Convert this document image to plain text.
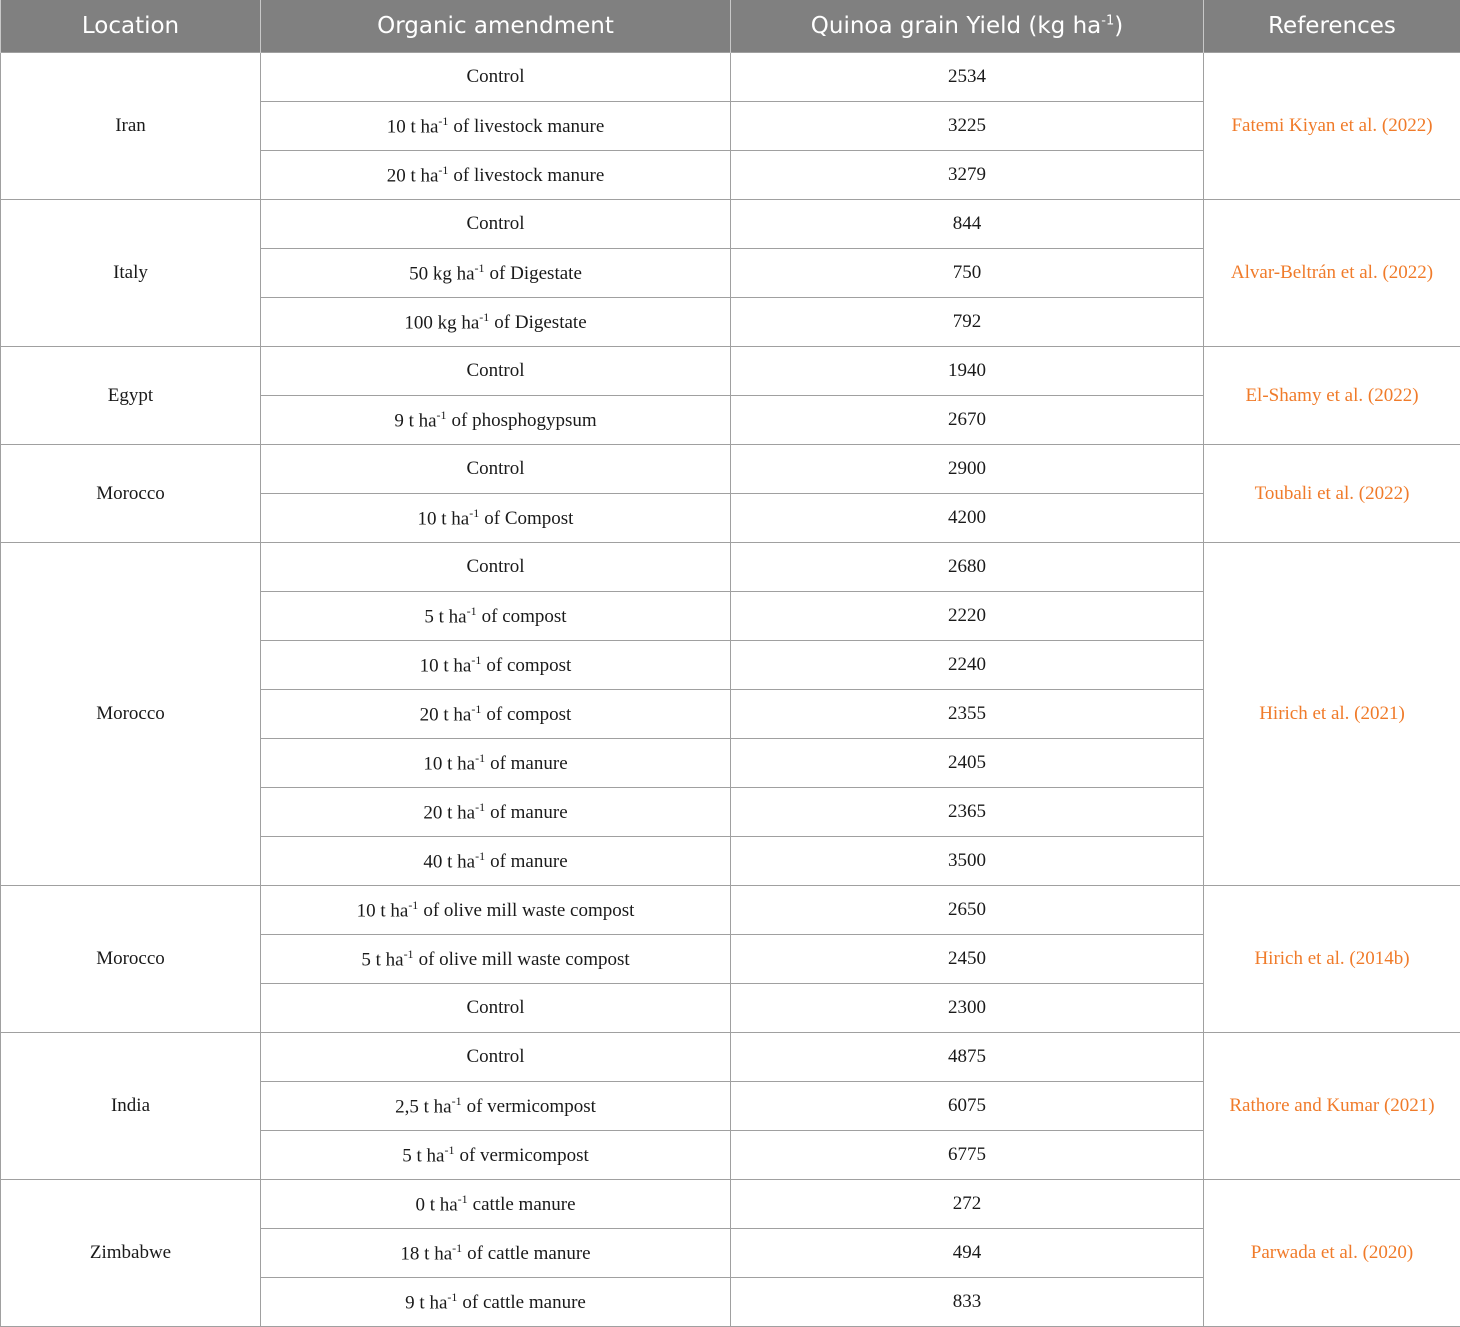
Location	Organic amendment	Quinoa grain Yield (kg $ha^{-1}$)	References
Iran	Control	2534	Fatemi Kiyan et al. (2022)
	10 t $ha^{-1}$ of livestock manure	3225	
	20 t $ha^{-1}$ of livestock manure	3279	
Italy	Control	844	Alvar-Beltrán et al. (2022)
	50 kg $ha^{-1}$ of Digestate	750	
	100 kg $ha^{-1}$ of Digestate	792	
Egypt	Control	1940	El-Shamy et al. (2022)
	9 t $ha^{-1}$ of phosphogypsum	2670	
Morocco	Control	2900	Toubali et al. (2022)
	10 t $ha^{-1}$ of Compost	4200	
Morocco	Control	2680	Hirich et al. (2021)
	5 t $ha^{-1}$ of compost	2220	
	10 t $ha^{-1}$ of compost	2240	
	20 t $ha^{-1}$ of compost	2355	
	10 t $ha^{-1}$ of manure	2405	
	20 t $ha^{-1}$ of manure	2365	
	40 t $ha^{-1}$ of manure	3500	
Morocco	10 t $ha^{-1}$ of olive mill waste compost	2650	Hirich et al. (2014b)
	5 t $ha^{-1}$ of olive mill waste compost	2450	
	Control	2300	
India	Control	4875	Rathore and Kumar (2021)
	2,5 t $ha^{-1}$ of vermicompost	6075	
	5 t $ha^{-1}$ of vermicompost	6775	
Zimbabwe	0 t $ha^{-1}$ cattle manure	272	Parwada et al. (2020)
	18 t $ha^{-1}$ of cattle manure	494	
	9 t $ha^{-1}$ of cattle manure	833	
